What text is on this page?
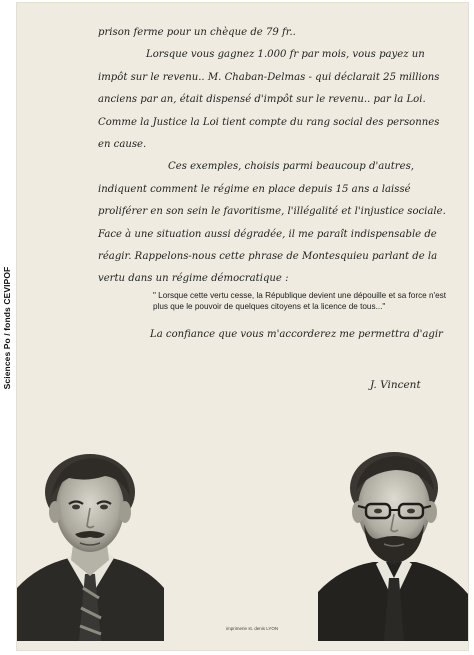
Sciences Po / fonds CEVIPOF

prison ferme pour un chèque de 79 fr..

Lorsque vous gagnez 1.000 fr par mois, vous payez un impôt sur le revenu.. M. Chaban-Delmas - qui déclarait 25 millions anciens par an, était dispensé d'impôt sur le revenu.. par la Loi. Comme la Justice la Loi tient compte du rang social des personnes en cause.

Ces exemples, choisis parmi beaucoup d'autres, indiquent comment le régime en place depuis 15 ans a laissé proliférer en son sein le favoritisme, l'illégalité et l'injustice sociale. Face à une situation aussi dégradée, il me paraît indispensable de réagir. Rappelons-nous cette phrase de Montesquieu parlant de la vertu dans un régime démocratique :

" Lorsque cette vertu cesse, la République devient une dépouille et sa force n'est plus que le pouvoir de quelques citoyens et la licence de tous..."

La confiance que vous m'accorderez me permettra d'agir

J. Vincent

imprimerie st. denis LYON
